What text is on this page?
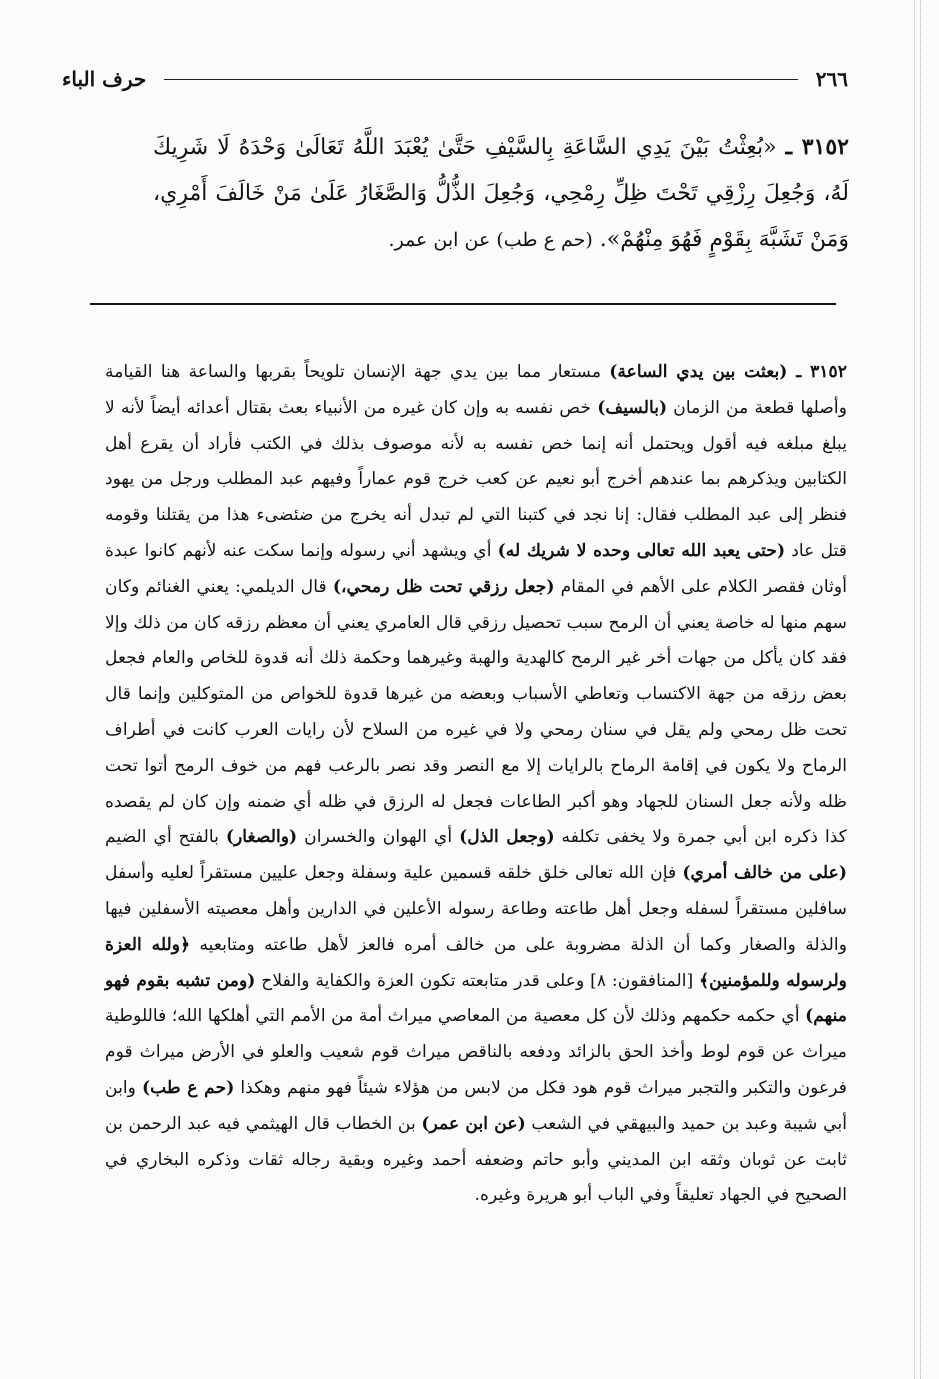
٢٦٦
حرف الباء
٣١٥٢ ـ «بُعِثْتُ بَيْنَ يَدِي السَّاعَةِ بِالسَّيْفِ حَتَّىٰ يُعْبَدَ اللَّهُ تَعَالَىٰ وَحْدَهُ لَا شَرِيكَ لَهُ، وَجُعِلَ رِزْقِي تَحْتَ ظِلِّ رِمْحِي، وَجُعِلَ الذُّلُّ وَالصَّغَارُ عَلَىٰ مَنْ خَالَفَ أَمْرِي، وَمَنْ تَشَبَّهَ بِقَوْمٍ فَهُوَ مِنْهُمْ». (حم ع طب) عن ابن عمر.

٣١٥٢ ـ (بعثت بين يدي الساعة) مستعار مما بين يدي جهة الإنسان تلويحاً بقربها والساعة هنا القيامة وأصلها قطعة من الزمان (بالسيف) خص نفسه به وإن كان غيره من الأنبياء بعث بقتال أعدائه أيضاً لأنه لا يبلغ مبلغه فيه أقول ويحتمل أنه إنما خص نفسه به لأنه موصوف بذلك في الكتب فأراد أن يقرع أهل الكتابين ويذكرهم بما عندهم أخرج أبو نعيم عن كعب خرج قوم عماراً وفيهم عبد المطلب ورجل من يهود فنظر إلى عبد المطلب فقال: إنا نجد في كتبنا التي لم تبدل أنه يخرج من ضئضىء هذا من يقتلنا وقومه قتل عاد (حتى يعبد الله تعالى وحده لا شريك له) أي ويشهد أني رسوله وإنما سكت عنه لأنهم كانوا عبدة أوثان فقصر الكلام على الأهم في المقام (جعل رزقي تحت ظل رمحي،) قال الديلمي: يعني الغنائم وكان سهم منها له خاصة يعني أن الرمح سبب تحصيل رزقي قال العامري يعني أن معظم رزقه كان من ذلك وإلا فقد كان يأكل من جهات أخر غير الرمح كالهدية والهبة وغيرهما وحكمة ذلك أنه قدوة للخاص والعام فجعل بعض رزقه من جهة الاكتساب وتعاطي الأسباب وبعضه من غيرها قدوة للخواص من المتوكلين وإنما قال تحت ظل رمحي ولم يقل في سنان رمحي ولا في غيره من السلاح لأن رايات العرب كانت في أطراف الرماح ولا يكون في إقامة الرماح بالرايات إلا مع النصر وقد نصر بالرعب فهم من خوف الرمح أتوا تحت ظله ولأنه جعل السنان للجهاد وهو أكبر الطاعات فجعل له الرزق في ظله أي ضمنه وإن كان لم يقصده كذا ذكره ابن أبي جمرة ولا يخفى تكلفه (وجعل الذل) أي الهوان والخسران (والصغار) بالفتح أي الضيم (على من خالف أمري) فإن الله تعالى خلق خلقه قسمين علية وسفلة وجعل عليين مستقراً لعليه وأسفل سافلين مستقراً لسفله وجعل أهل طاعته وطاعة رسوله الأعلين في الدارين وأهل معصيته الأسفلين فيها والذلة والصغار وكما أن الذلة مضروبة على من خالف أمره فالعز لأهل طاعته ومتابعيه ﴿ولله العزة ولرسوله وللمؤمنين﴾ [المنافقون: ٨] وعلى قدر متابعته تكون العزة والكفاية والفلاح (ومن تشبه بقوم فهو منهم) أي حكمه حكمهم وذلك لأن كل معصية من المعاصي ميراث أمة من الأمم التي أهلكها الله؛ فاللوطية ميراث عن قوم لوط وأخذ الحق بالزائد ودفعه بالناقص ميراث قوم شعيب والعلو في الأرض ميراث قوم فرعون والتكبر والتجبر ميراث قوم هود فكل من لابس من هؤلاء شيئاً فهو منهم وهكذا (حم ع طب) وابن أبي شيبة وعبد بن حميد والبيهقي في الشعب (عن ابن عمر) بن الخطاب قال الهيثمي فيه عبد الرحمن بن ثابت عن ثوبان وثقه ابن المديني وأبو حاتم وضعفه أحمد وغيره وبقية رجاله ثقات وذكره البخاري في الصحيح في الجهاد تعليقاً وفي الباب أبو هريرة وغيره.
